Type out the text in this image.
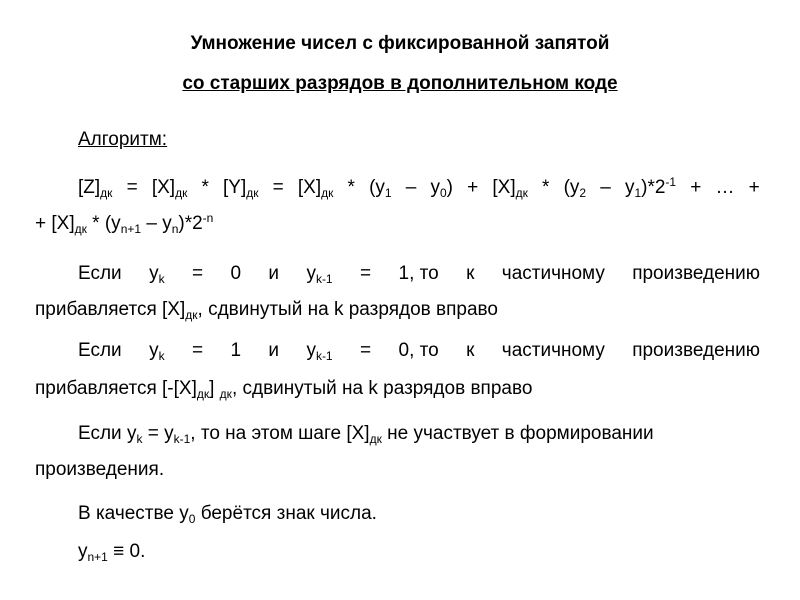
Умножение чисел с фиксированной запятой
со старших разрядов в дополнительном коде
Алгоритм:
$[Z]_{дк} = [X]_{дк} * [Y]_{дк} = [X]_{дк} * (y_1 - y_0) + [X]_{дк} * (y_2 - y_1)*2^{-1}$ + … +
+ $[X]_{дк} * (y_{n+1} - y_n)*2^{-n}$
Если $y_k = 0$ и $y_{k-1} = 1$, то к частичному произведению
прибавляется $[X]_{дк}$, сдвинутый на k разрядов вправо
Если $y_k = 1$ и $y_{k-1} = 0$, то к частичному произведению
прибавляется $[-[X]_{дк}]$ $_{дк}$, сдвинутый на k разрядов вправо
Если $y_k = y_{k-1}$, то на этом шаге $[X]_{дк}$ не участвует в формировании
произведения.
В качестве $y_0$ берётся знак числа.
$y_{n+1} \equiv 0$.
